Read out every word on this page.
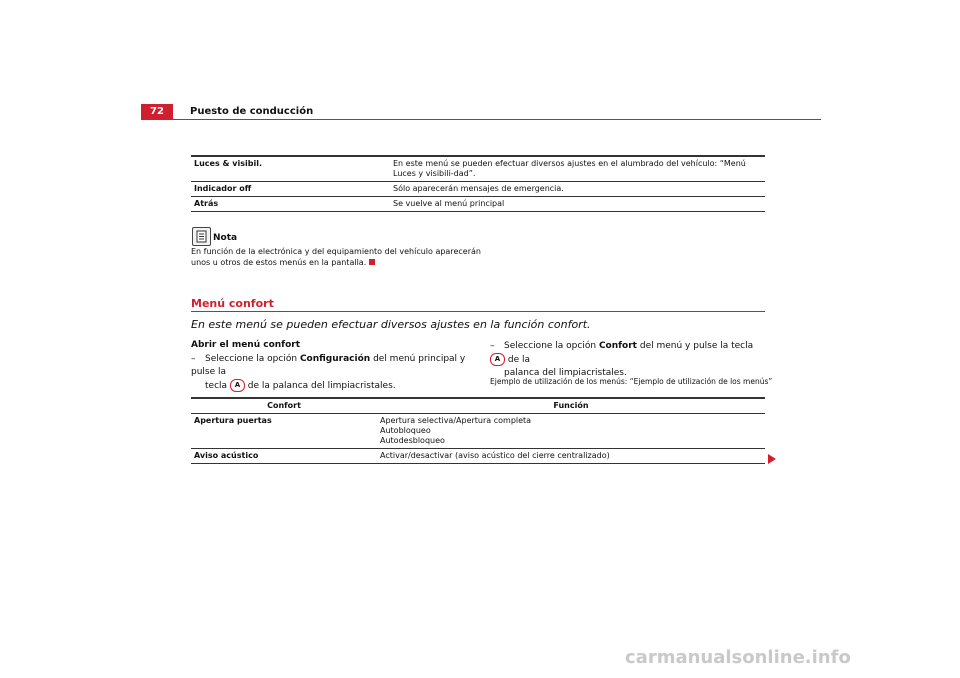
72	Puesto de conducción
Luces & visibil.	En este menú se pueden efectuar diversos ajustes en el alumbrado del vehículo: “Menú Luces y visibili-dad”.
Indicador off	Sólo aparecerán mensajes de emergencia.
Atrás	Se vuelve al menú principal
Nota
En función de la electrónica y del equipamiento del vehículo aparecerán unos u otros de estos menús en la pantalla.
Menú confort
En este menú se pueden efectuar diversos ajustes en la función confort.
Abrir el menú confort
– Seleccione la opción Configuración del menú principal y pulse la
tecla A de la palanca del limpiacristales.
– Seleccione la opción Confort del menú y pulse la tecla A de la
palanca del limpiacristales.
Ejemplo de utilización de los menús: “Ejemplo de utilización de los menús”
Confort	Función
Apertura puertas	Apertura selectiva/Apertura completa
Autobloqueo
Autodesbloqueo

Aviso acústico	Activar/desactivar (aviso acústico del cierre centralizado)
carmanualsonline.info
